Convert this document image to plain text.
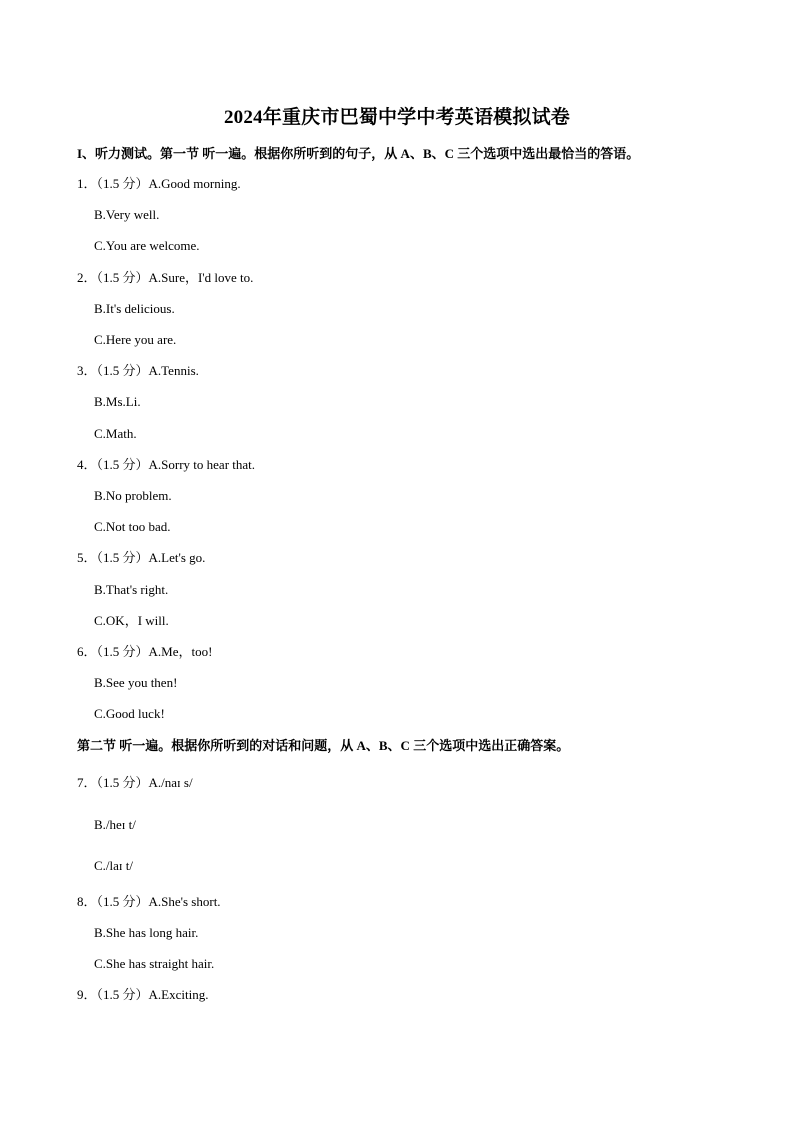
2024年重庆市巴蜀中学中考英语模拟试卷
I、听力测试。第一节 听一遍。根据你所听到的句子，从 A、B、C 三个选项中选出最恰当的答语。
1．（1.5 分）A.Good morning.
B.Very well.
C.You are welcome.
2．（1.5 分）A.Sure，I'd love to.
B.It's delicious.
C.Here you are.
3．（1.5 分）A.Tennis.
B.Ms.Li.
C.Math.
4．（1.5 分）A.Sorry to hear that.
B.No problem.
C.Not too bad.
5．（1.5 分）A.Let's go.
B.That's right.
C.OK，I will.
6．（1.5 分）A.Me，too!
B.See you then!
C.Good luck!
第二节 听一遍。根据你所听到的对话和问题，从 A、B、C 三个选项中选出正确答案。
7．（1.5 分）A./naɪ s/
B./heɪ t/
C./laɪ t/
8．（1.5 分）A.She's short.
B.She has long hair.
C.She has straight hair.
9．（1.5 分）A.Exciting.
